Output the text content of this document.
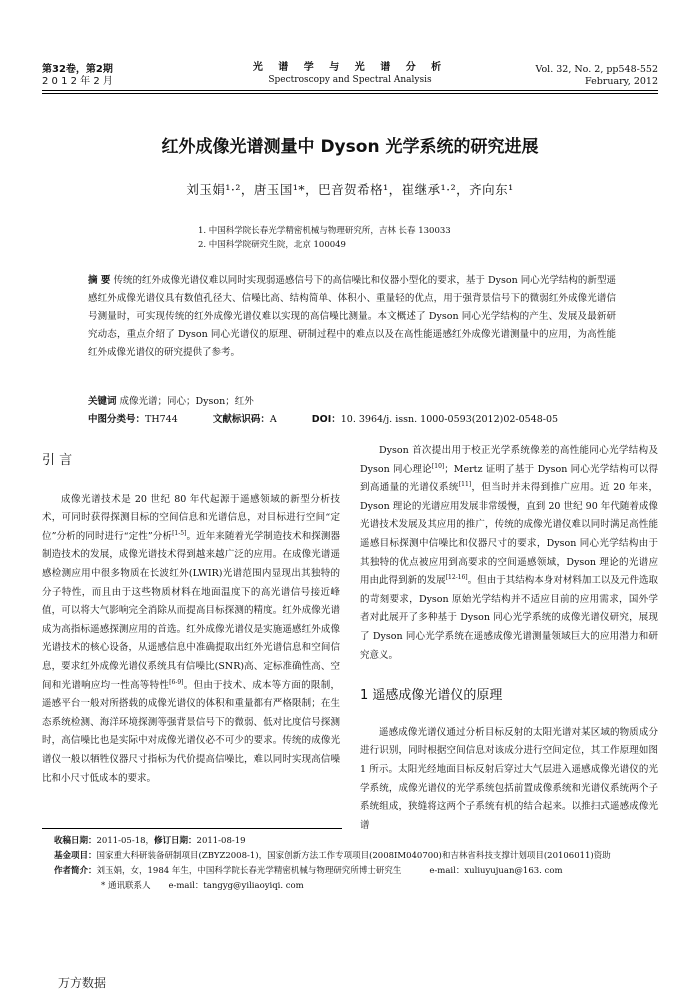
第32卷，第2期
2 0 1 2 年 2 月
光 谱 学 与 光 谱 分 析
Spectroscopy and Spectral Analysis
Vol. 32, No. 2, pp548-552
February, 2012
红外成像光谱测量中 Dyson 光学系统的研究进展
刘玉娟¹·²，唐玉国¹*，巴音贺希格¹，崔继承¹·²，齐向东¹
1. 中国科学院长春光学精密机械与物理研究所，吉林 长春 130033
2. 中国科学院研究生院，北京 100049
摘 要 传统的红外成像光谱仪难以同时实现弱遥感信号下的高信噪比和仪器小型化的要求，基于 Dyson 同心光学结构的新型遥感红外成像光谱仪具有数值孔径大、信噪比高、结构简单、体积小、重量轻的优点，用于强背景信号下的微弱红外成像光谱信号测量时，可实现传统的红外成像光谱仪难以实现的高信噪比测量。本文概述了 Dyson 同心光学结构的产生、发展及最新研究动态，重点介绍了 Dyson 同心光谱仪的原理、研制过程中的难点以及在高性能遥感红外成像光谱测量中的应用，为高性能红外成像光谱仪的研究提供了参考。
关键词 成像光谱；同心；Dyson；红外
中图分类号：TH744	文献标识码：A	DOI：10. 3964/j. issn. 1000-0593(2012)02-0548-05
引 言
成像光谱技术是 20 世纪 80 年代起源于遥感领域的新型分析技术，可同时获得探测目标的空间信息和光谱信息，对目标进行空间“定位”分析的同时进行“定性”分析[1-5]。近年来随着光学制造技术和探测器制造技术的发展，成像光谱技术得到越来越广泛的应用。在成像光谱遥感检测应用中很多物质在长波红外(LWIR)光谱范围内显现出其独特的分子特性，而且由于这些物质材料在地面温度下的高光谱信号接近峰值，可以将大气影响完全消除从而提高目标探测的精度。红外成像光谱成为高指标遥感探测应用的首选。红外成像光谱仪是实施遥感红外成像光谱技术的核心设备，从遥感信息中准确提取出红外光谱信息和空间信息，要求红外成像光谱仪系统具有信噪比(SNR)高、定标准确性高、空间和光谱响应均一性高等特性[6-9]。但由于技术、成本等方面的限制，遥感平台一般对所搭载的成像光谱仪的体积和重量都有严格限制；在生态系统检测、海洋环境探测等强背景信号下的微弱、低对比度信号探测时，高信噪比也是实际中对成像光谱仪必不可少的要求。传统的成像光谱仪一般以牺牲仪器尺寸指标为代价提高信噪比，难以同时实现高信噪比和小尺寸低成本的要求。
Dyson 首次提出用于校正光学系统像差的高性能同心光学结构及 Dyson 同心理论[10]；Mertz 证明了基于 Dyson 同心光学结构可以得到高通量的光谱仪系统[11]，但当时并未得到推广应用。近 20 年来，Dyson 理论的光谱应用发展非常缓慢，直到 20 世纪 90 年代随着成像光谱技术发展及其应用的推广，传统的成像光谱仪难以同时满足高性能遥感目标探测中信噪比和仪器尺寸的要求，Dyson 同心光学结构由于其独特的优点被应用到高要求的空间遥感领域，Dyson 理论的光谱应用由此得到新的发展[12-16]。但由于其结构本身对材料加工以及元件选取的苛刻要求，Dyson 原始光学结构并不适应目前的应用需求，国外学者对此展开了多种基于 Dyson 同心光学系统的成像光谱仪研究，展现了 Dyson 同心光学系统在遥感成像光谱测量领域巨大的应用潜力和研究意义。
1 遥感成像光谱仪的原理
遥感成像光谱仪通过分析目标反射的太阳光谱对某区域的物质成分进行识别，同时根据空间信息对该成分进行空间定位，其工作原理如图 1 所示。太阳光经地面目标反射后穿过大气层进入遥感成像光谱仪的光学系统，成像光谱仪的光学系统包括前置成像系统和光谱仪系统两个子系统组成，狭缝将这两个子系统有机的结合起来。以推扫式遥感成像光谱
收稿日期：2011-05-18，修订日期：2011-08-19
基金项目：国家重大科研装备研制项目(ZBYZ2008-1)，国家创新方法工作专项项目(2008IM040700)和吉林省科技支撑计划项目(20106011)资助
作者简介：刘玉娟，女，1984 年生，中国科学院长春光学精密机械与物理研究所博士研究生	e-mail：xuliuyujuan@163. com
* 通讯联系人 e-mail：tangyg@yiliaoyiqi. com
万方数据
